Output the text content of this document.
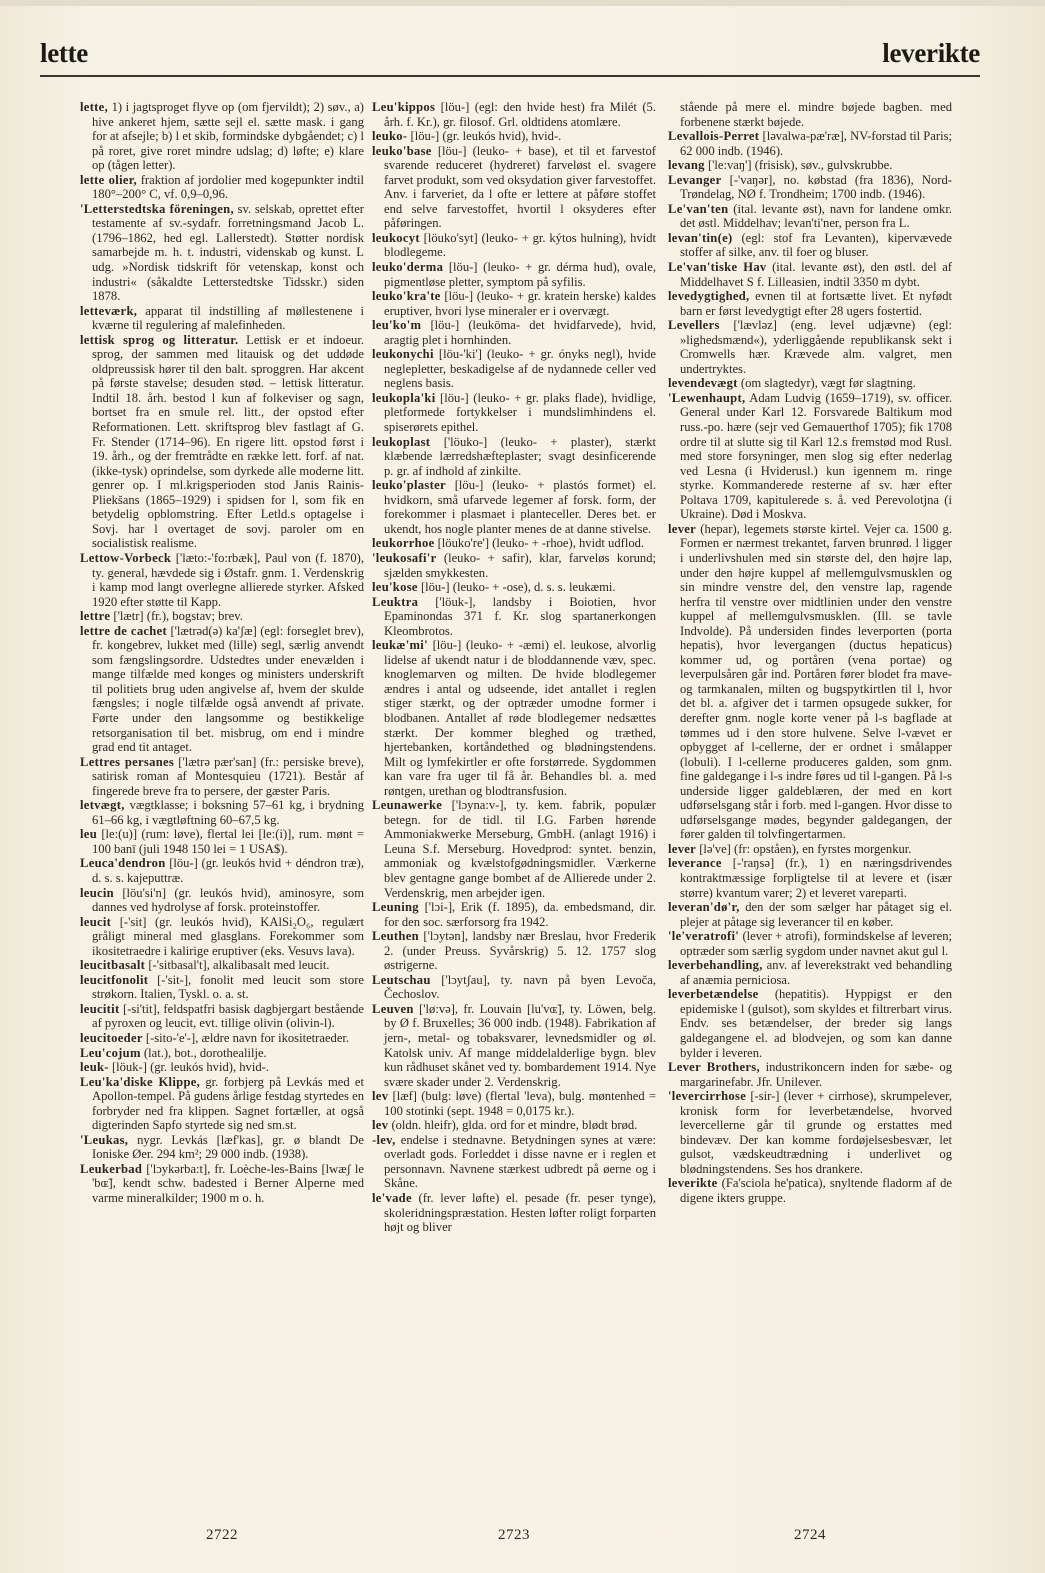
lette	leverikte

lette, 1) i jagtsproget flyve op (om fjervildt); 2) søv., a) hive ankeret hjem, sætte sejl el. sætte mask. i gang for at afsejle; b) l et skib, formindske dybgåendet; c) l på roret, give roret mindre udslag; d) løfte; e) klare op (tågen letter).

lette olier, fraktion af jordolier med kogepunkter indtil 180°–200° C, vf. 0,9–0,96.

'Letterstedtska föreningen, sv. selskab, oprettet efter testamente af sv.-sydafr. forretningsmand Jacob L. (1796–1862, hed egl. Lallerstedt). Støtter nordisk samarbejde m. h. t. industri, videnskab og kunst. L udg. »Nordisk tidskrift för vetenskap, konst och industri« (såkaldte Letterstedtske Tidsskr.) siden 1878.

letteværk, apparat til indstilling af møllestenene i kværne til regulering af malefinheden.

lettisk sprog og litteratur. Lettisk er et indoeur. sprog, der sammen med litauisk og det uddøde oldpreussisk hører til den balt. sproggren. Har akcent på første stavelse; desuden stød. – lettisk litteratur. Indtil 18. årh. bestod l kun af folkeviser og sagn, bortset fra en smule rel. litt., der opstod efter Reformationen. Lett. skriftsprog blev fastlagt af G. Fr. Stender (1714–96). En rigere litt. opstod først i 19. årh., og der fremtrådte en række lett. forf. af nat. (ikke-tysk) oprindelse, som dyrkede alle moderne litt. genrer op. I ml.krigsperioden stod Janis Rainis-Pliekšans (1865–1929) i spidsen for l, som fik en betydelig opblomstring. Efter Letld.s optagelse i Sovj. har l overtaget de sovj. paroler om en socialistisk realisme.

Lettow-Vorbeck ['læto:-'fo:rbæk], Paul von (f. 1870), ty. general, hævdede sig i Østafr. gnm. 1. Verdenskrig i kamp mod langt overlegne allierede styrker. Afsked 1920 efter støtte til Kapp.

lettre ['lætr] (fr.), bogstav; brev.

lettre de cachet ['lætrəd(ə) ka'ʃæ] (egl: forseglet brev), fr. kongebrev, lukket med (lille) segl, særlig anvendt som fængslingsordre. Udstedtes under enevælden i mange tilfælde med konges og ministers underskrift til politiets brug uden angivelse af, hvem der skulde fængsles; i nogle tilfælde også anvendt af private. Førte under den langsomme og bestikkelige retsorganisation til bet. misbrug, om end i mindre grad end tit antaget.

Lettres persanes ['lætrə pær'san] (fr.: persiske breve), satirisk roman af Montesquieu (1721). Består af fingerede breve fra to persere, der gæster Paris.

letvægt, vægtklasse; i boksning 57–61 kg, i brydning 61–66 kg, i vægtløftning 60–67,5 kg.

leu [le:(u)] (rum: løve), flertal lei [le:(i)], rum. mønt = 100 banī (juli 1948 150 lei = 1 USA$).

Leuca'dendron [löu-] (gr. leukós hvid + déndron træ), d. s. s. kajeputtræ.

leucin [löu'si'n] (gr. leukós hvid), aminosyre, som dannes ved hydrolyse af forsk. proteinstoffer.

leucit [-'sit] (gr. leukós hvid), KAlSi₂O₆, regulært gråligt mineral med glasglans. Forekommer som ikositetraedre i kalirige eruptiver (eks. Vesuvs lava).

leucitbasalt [-'sitbasal't], alkalibasalt med leucit.

leucitfonolit [-'sit-], fonolit med leucit som store strøkorn. Italien, Tyskl. o. a. st.

leucitit [-si'tit], feldspatfri basisk dagbjergart bestående af pyroxen og leucit, evt. tillige olivin (olivin-l).

leucitoeder [-sito-'e'-], ældre navn for ikositetraeder.

Leu'cojum (lat.), bot., dorothealilje.

leuk- [löuk-] (gr. leukós hvid), hvid-.

Leu'ka'diske Klippe, gr. forbjerg på Levkás med et Apollon-tempel. På gudens årlige festdag styrtedes en forbryder ned fra klippen. Sagnet fortæller, at også digterinden Sapfo styrtede sig ned sm.st.

'Leukas, nygr. Levkás [læf'kas], gr. ø blandt De Ioniske Øer. 294 km²; 29 000 indb. (1938).

Leukerbad ['lɔykərba:t], fr. Loèche-les-Bains [lwæʃ le 'bɶ̃], kendt schw. badested i Berner Alperne med varme mineralkilder; 1900 m o. h.

Leu'kippos [löu-] (egl: den hvide hest) fra Milét (5. årh. f. Kr.), gr. filosof. Grl. oldtidens atomlære.

leuko- [löu-] (gr. leukós hvid), hvid-.

leuko'base [löu-] (leuko- + base), et til et farvestof svarende reduceret (hydreret) farveløst el. svagere farvet produkt, som ved oksydation giver farvestoffet. Anv. i farveriet, da l ofte er lettere at påføre stoffet end selve farvestoffet, hvortil l oksyderes efter påføringen.

leukocyt [löuko'syt] (leuko- + gr. kýtos hulning), hvidt blodlegeme.

leuko'derma [löu-] (leuko- + gr. dérma hud), ovale, pigmentløse pletter, symptom på syfilis.

leuko'kra'te [löu-] (leuko- + gr. kratein herske) kaldes eruptiver, hvori lyse mineraler er i overvægt.

leu'ko'm [löu-] (leukōma- det hvidfarvede), hvid, aragtig plet i hornhinden.

leukonychi [löu-'ki'] (leuko- + gr. ónyks negl), hvide neglepletter, beskadigelse af de nydannede celler ved neglens basis.

leukopla'ki [löu-] (leuko- + gr. plaks flade), hvidlige, pletformede fortykkelser i mundslimhindens el. spiserørets epithel.

leukoplast ['löuko-] (leuko- + plaster), stærkt klæbende lærredshæfteplaster; svagt desinficerende p. gr. af indhold af zinkilte.

leuko'plaster [löu-] (leuko- + plastós formet) el. hvidkorn, små ufarvede legemer af forsk. form, der forekommer i plasmaet i planteceller. Deres bet. er ukendt, hos nogle planter menes de at danne stivelse.

leukorrhoe [löuko're'] (leuko- + -rhoe), hvidt udflod.

'leukosafi'r (leuko- + safir), klar, farveløs korund; sjælden smykkesten.

leu'kose [löu-] (leuko- + -ose), d. s. s. leukæmi.

Leuktra ['löuk-], landsby i Boiotien, hvor Epaminondas 371 f. Kr. slog spartanerkongen Kleombrotos.

leukæ'mi' [löu-] (leuko- + -æmi) el. leukose, alvorlig lidelse af ukendt natur i de bloddannende væv, spec. knoglemarven og milten. De hvide blodlegemer ændres i antal og udseende, idet antallet i reglen stiger stærkt, og der optræder umodne former i blodbanen. Antallet af røde blodlegemer nedsættes stærkt. Der kommer bleghed og træthed, hjertebanken, kortåndethed og blødningstendens. Milt og lymfekirtler er ofte forstørrede. Sygdommen kan vare fra uger til få år. Behandles bl. a. med røntgen, urethan og blodtransfusion.

Leunawerke ['lɔyna:v-], ty. kem. fabrik, populær betegn. for de tidl. til I.G. Farben hørende Ammoniakwerke Merseburg, GmbH. (anlagt 1916) i Leuna S.f. Merseburg. Hovedprod: syntet. benzin, ammoniak og kvælstofgødningsmidler. Værkerne blev gentagne gange bombet af de Allierede under 2. Verdenskrig, men arbejder igen.

Leuning ['lɔi-], Erik (f. 1895), da. embedsmand, dir. for den soc. særforsorg fra 1942.

Leuthen ['lɔytən], landsby nær Breslau, hvor Frederik 2. (under Preuss. Syvårskrig) 5. 12. 1757 slog østrigerne.

Leutschau ['lɔytʃau], ty. navn på byen Levoča, Čechoslov.

Leuven ['lø:və], fr. Louvain [lu'vɶ̃], ty. Löwen, belg. by Ø f. Bruxelles; 36 000 indb. (1948). Fabrikation af jern-, metal- og tobaksvarer, levnedsmidler og øl. Katolsk univ. Af mange middelalderlige bygn. blev kun rådhuset skånet ved ty. bombardement 1914. Nye svære skader under 2. Verdenskrig.

lev [læf] (bulg: løve) (flertal 'leva), bulg. møntenhed = 100 stotinki (sept. 1948 = 0,0175 kr.).

lev (oldn. hleifr), glda. ord for et mindre, blødt brød.

-lev, endelse i stednavne. Betydningen synes at være: overladt gods. Forleddet i disse navne er i reglen et personnavn. Navnene stærkest udbredt på øerne og i Skåne.

le'vade (fr. lever løfte) el. pesade (fr. peser tynge), skoleridningspræstation. Hesten løfter roligt forparten højt og bliver

stående på mere el. mindre bøjede bagben. med forbenene stærkt bøjede.

Levallois-Perret [ləvalwa-pæ'ræ], NV-forstad til Paris; 62 000 indb. (1946).

levang ['le:vaŋ'] (frisisk), søv., gulvskrubbe.

Levanger [-'vaŋər], no. købstad (fra 1836), Nord-Trøndelag, NØ f. Trondheim; 1700 indb. (1946).

Le'van'ten (ital. levante øst), navn for landene omkr. det østl. Middelhav; levan'ti'ner, person fra L.

levan'tin(e) (egl: stof fra Levanten), kipervævede stoffer af silke, anv. til foer og bluser.

Le'van'tiske Hav (ital. levante øst), den østl. del af Middelhavet S f. Lilleasien, indtil 3350 m dybt.

levedygtighed, evnen til at fortsætte livet. Et nyfødt barn er først levedygtigt efter 28 ugers fostertid.

Levellers ['lævləz] (eng. level udjævne) (egl: »lighedsmænd«), yderliggående republikansk sekt i Cromwells hær. Krævede alm. valgret, men undertryktes.

levendevægt (om slagtedyr), vægt før slagtning.

'Lewenhaupt, Adam Ludvig (1659–1719), sv. officer. General under Karl 12. Forsvarede Baltikum mod russ.-po. hære (sejr ved Gemauerthof 1705); fik 1708 ordre til at slutte sig til Karl 12.s fremstød mod Rusl. med store forsyninger, men slog sig efter nederlag ved Lesna (i Hviderusl.) kun igennem m. ringe styrke. Kommanderede resterne af sv. hær efter Poltava 1709, kapitulerede s. å. ved Perevolotjna (i Ukraine). Død i Moskva.

lever (hepar), legemets største kirtel. Vejer ca. 1500 g. Formen er nærmest trekantet, farven brunrød. l ligger i underlivshulen med sin største del, den højre lap, under den højre kuppel af mellemgulvsmusklen og sin mindre venstre del, den venstre lap, ragende herfra til venstre over midtlinien under den venstre kuppel af mellemgulvsmusklen. (Ill. se tavle Indvolde). På undersiden findes leverporten (porta hepatis), hvor levergangen (ductus hepaticus) kommer ud, og portåren (vena portae) og leverpulsåren går ind. Portåren fører blodet fra mave- og tarmkanalen, milten og bugspytkirtlen til l, hvor det bl. a. afgiver det i tarmen opsugede sukker, for derefter gnm. nogle korte vener på l-s bagflade at tømmes ud i den store hulvene. Selve l-vævet er opbygget af l-cellerne, der er ordnet i smålapper (lobuli). I l-cellerne produceres galden, som gnm. fine galdegange i l-s indre føres ud til l-gangen. På l-s underside ligger galdeblæren, der med en kort udførselsgang står i forb. med l-gangen. Hvor disse to udførselsgange mødes, begynder galdegangen, der fører galden til tolvfingertarmen.

lever [lə've] (fr: opståen), en fyrstes morgenkur.

leverance [-'raŋsə] (fr.), 1) en næringsdrivendes kontraktmæssige forpligtelse til at levere et (især større) kvantum varer; 2) et leveret vareparti.

leveran'dø'r, den der som sælger har påtaget sig el. plejer at påtage sig leverancer til en køber.

'le'veratrofi' (lever + atrofi), formindskelse af leveren; optræder som særlig sygdom under navnet akut gul l.

leverbehandling, anv. af leverekstrakt ved behandling af anæmia perniciosa.

leverbetændelse (hepatitis). Hyppigst er den epidemiske l (gulsot), som skyldes et filtrerbart virus. Endv. ses betændelser, der breder sig langs galdegangene el. ad blodvejen, og som kan danne bylder i leveren.

Lever Brothers, industrikoncern inden for sæbe- og margarinefabr. Jfr. Unilever.

'levercirrhose [-sir-] (lever + cirrhose), skrumpelever, kronisk form for leverbetændelse, hvorved levercellerne går til grunde og erstattes med bindevæv. Der kan komme fordøjelsesbesvær, let gulsot, vædskeudtrædning i underlivet og blødningstendens. Ses hos drankere.

leverikte (Fa'sciola he'patica), snyltende fladorm af de digene ikters gruppe.

2722	2723	2724
